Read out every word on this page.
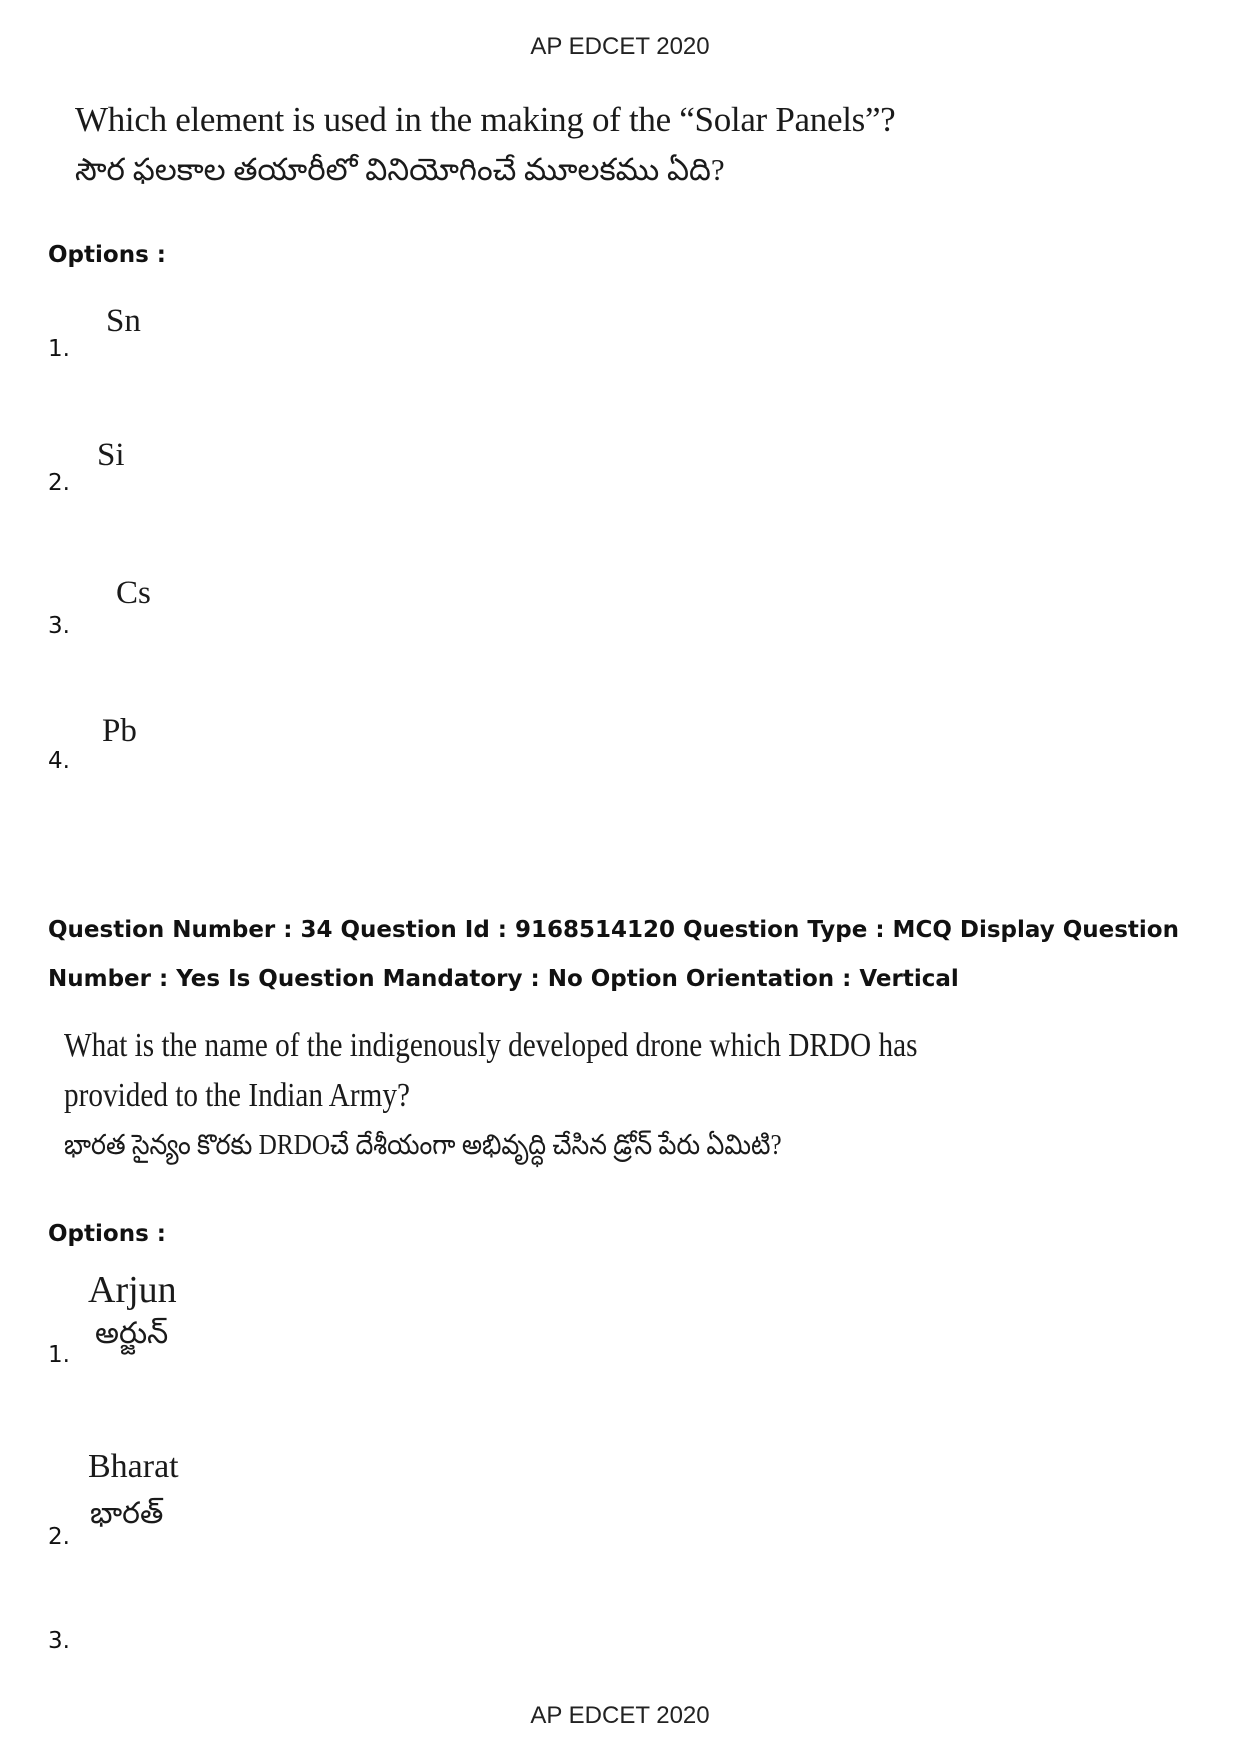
AP EDCET 2020
Which element is used in the making of the “Solar Panels”?
సౌర ఫలకాల తయారీలో వినియోగించే మూలకము ఏది?
Options :
1.
Sn
2.
Si
3.
Cs
4.
Pb
Question Number : 34 Question Id : 9168514120 Question Type : MCQ Display Question
Number : Yes Is Question Mandatory : No Option Orientation : Vertical
What is the name of the indigenously developed drone which DRDO has
provided to the Indian Army?
భారత సైన్యం కొరకు DRDOచే దేశీయంగా అభివృద్ధి చేసిన డ్రోన్ పేరు ఏమిటి?
Options :
1.
Arjun
అర్జున్
2.
Bharat
భారత్
3.
AP EDCET 2020
